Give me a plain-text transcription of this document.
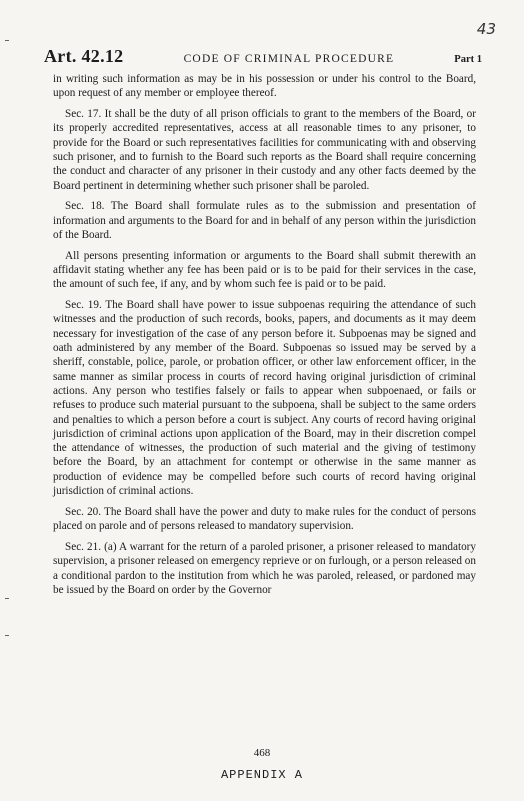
43
Art. 42.12	CODE OF CRIMINAL PROCEDURE	Part 1

in writing such information as may be in his possession or under his control to the Board, upon request of any member or employee thereof.

Sec. 17. It shall be the duty of all prison officials to grant to the members of the Board, or its properly accredited representatives, access at all reasonable times to any prisoner, to provide for the Board or such representatives facilities for communicating with and observing such prisoner, and to furnish to the Board such reports as the Board shall require concerning the conduct and character of any prisoner in their custody and any other facts deemed by the Board pertinent in determining whether such prisoner shall be paroled.

Sec. 18. The Board shall formulate rules as to the submission and presentation of information and arguments to the Board for and in behalf of any person within the jurisdiction of the Board.

All persons presenting information or arguments to the Board shall submit therewith an affidavit stating whether any fee has been paid or is to be paid for their services in the case, the amount of such fee, if any, and by whom such fee is paid or to be paid.

Sec. 19. The Board shall have power to issue subpoenas requiring the attendance of such witnesses and the production of such records, books, papers, and documents as it may deem necessary for investigation of the case of any person before it. Subpoenas may be signed and oath administered by any member of the Board. Subpoenas so issued may be served by a sheriff, constable, police, parole, or probation officer, or other law enforcement officer, in the same manner as similar process in courts of record having original jurisdiction of criminal actions. Any person who testifies falsely or fails to appear when subpoenaed, or fails or refuses to produce such material pursuant to the subpoena, shall be subject to the same orders and penalties to which a person before a court is subject. Any courts of record having original jurisdiction of criminal actions upon application of the Board, may in their discretion compel the attendance of witnesses, the production of such material and the giving of testimony before the Board, by an attachment for contempt or otherwise in the same manner as production of evidence may be compelled before such courts of record having original jurisdiction of criminal actions.

Sec. 20. The Board shall have the power and duty to make rules for the conduct of persons placed on parole and of persons released to mandatory supervision.

Sec. 21. (a) A warrant for the return of a paroled prisoner, a prisoner released to mandatory supervision, a prisoner released on emergency reprieve or on furlough, or a person released on a conditional pardon to the institution from which he was paroled, released, or pardoned may be issued by the Board on order by the Governor

468
APPENDIX A
